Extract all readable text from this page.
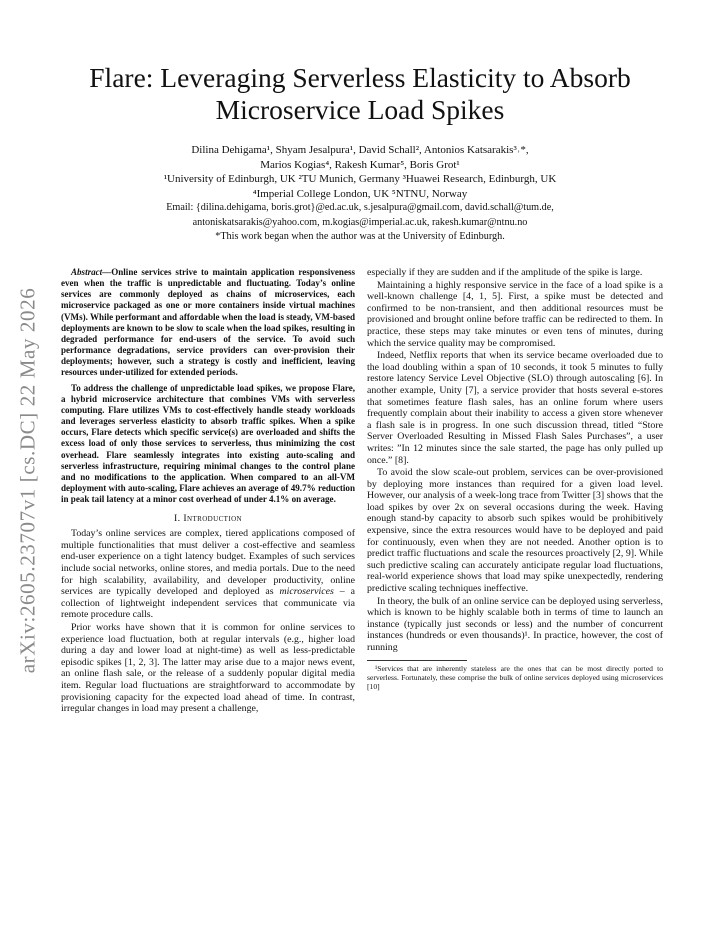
arXiv:2605.23707v1 [cs.DC] 22 May 2026
Flare: Leveraging Serverless Elasticity to Absorb Microservice Load Spikes
Dilina Dehigama¹, Shyam Jesalpura¹, David Schall², Antonios Katsarakis³˒*,
Marios Kogias⁴, Rakesh Kumar⁵, Boris Grot¹
¹University of Edinburgh, UK ²TU Munich, Germany ³Huawei Research, Edinburgh, UK
⁴Imperial College London, UK ⁵NTNU, Norway
Email: {dilina.dehigama, boris.grot}@ed.ac.uk, s.jesalpura@gmail.com, david.schall@tum.de,
antoniskatsarakis@yahoo.com, m.kogias@imperial.ac.uk, rakesh.kumar@ntnu.no
*This work began when the author was at the University of Edinburgh.

Abstract—Online services strive to maintain application responsiveness even when the traffic is unpredictable and fluctuating. Today’s online services are commonly deployed as chains of microservices, each microservice packaged as one or more containers inside virtual machines (VMs). While performant and affordable when the load is steady, VM-based deployments are known to be slow to scale when the load spikes, resulting in degraded performance for end-users of the service. To avoid such performance degradations, service providers can over-provision their deployments; however, such a strategy is costly and inefficient, leaving resources under-utilized for extended periods.

To address the challenge of unpredictable load spikes, we propose Flare, a hybrid microservice architecture that combines VMs with serverless computing. Flare utilizes VMs to cost-effectively handle steady workloads and leverages serverless elasticity to absorb traffic spikes. When a spike occurs, Flare detects which specific service(s) are overloaded and shifts the excess load of only those services to serverless, thus minimizing the cost overhead. Flare seamlessly integrates into existing auto-scaling and serverless infrastructure, requiring minimal changes to the control plane and no modifications to the application. When compared to an all-VM deployment with auto-scaling, Flare achieves an average of 49.7% reduction in peak tail latency at a minor cost overhead of under 4.1% on average.

I. Introduction

Today’s online services are complex, tiered applications composed of multiple functionalities that must deliver a cost-effective and seamless end-user experience on a tight latency budget. Examples of such services include social networks, online stores, and media portals. Due to the need for high scalability, availability, and developer productivity, online services are typically developed and deployed as microservices – a collection of lightweight independent services that communicate via remote procedure calls.

Prior works have shown that it is common for online services to experience load fluctuation, both at regular intervals (e.g., higher load during a day and lower load at night-time) as well as less-predictable episodic spikes [1, 2, 3]. The latter may arise due to a major news event, an online flash sale, or the release of a suddenly popular digital media item. Regular load fluctuations are straightforward to accommodate by provisioning capacity for the expected load ahead of time. In contrast, irregular changes in load may present a challenge,

especially if they are sudden and if the amplitude of the spike is large.

Maintaining a highly responsive service in the face of a load spike is a well-known challenge [4, 1, 5]. First, a spike must be detected and confirmed to be non-transient, and then additional resources must be provisioned and brought online before traffic can be redirected to them. In practice, these steps may take minutes or even tens of minutes, during which the service quality may be compromised.

Indeed, Netflix reports that when its service became overloaded due to the load doubling within a span of 10 seconds, it took 5 minutes to fully restore latency Service Level Objective (SLO) through autoscaling [6]. In another example, Unity [7], a service provider that hosts several e-stores that sometimes feature flash sales, has an online forum where users frequently complain about their inability to access a given store whenever a flash sale is in progress. In one such discussion thread, titled “Store Server Overloaded Resulting in Missed Flash Sales Purchases”, a user writes: ”In 12 minutes since the sale started, the page has only pulled up once.” [8].

To avoid the slow scale-out problem, services can be over-provisioned by deploying more instances than required for a given load level. However, our analysis of a week-long trace from Twitter [3] shows that the load spikes by over 2x on several occasions during the week. Having enough stand-by capacity to absorb such spikes would be prohibitively expensive, since the extra resources would have to be deployed and paid for continuously, even when they are not needed. Another option is to predict traffic fluctuations and scale the resources proactively [2, 9]. While such predictive scaling can accurately anticipate regular load fluctuations, real-world experience shows that load may spike unexpectedly, rendering predictive scaling techniques ineffective.

In theory, the bulk of an online service can be deployed using serverless, which is known to be highly scalable both in terms of time to launch an instance (typically just seconds or less) and the number of concurrent instances (hundreds or even thousands)¹. In practice, however, the cost of running

¹Services that are inherently stateless are the ones that can be most directly ported to serverless. Fortunately, these comprise the bulk of online services deployed using microservices [10]
